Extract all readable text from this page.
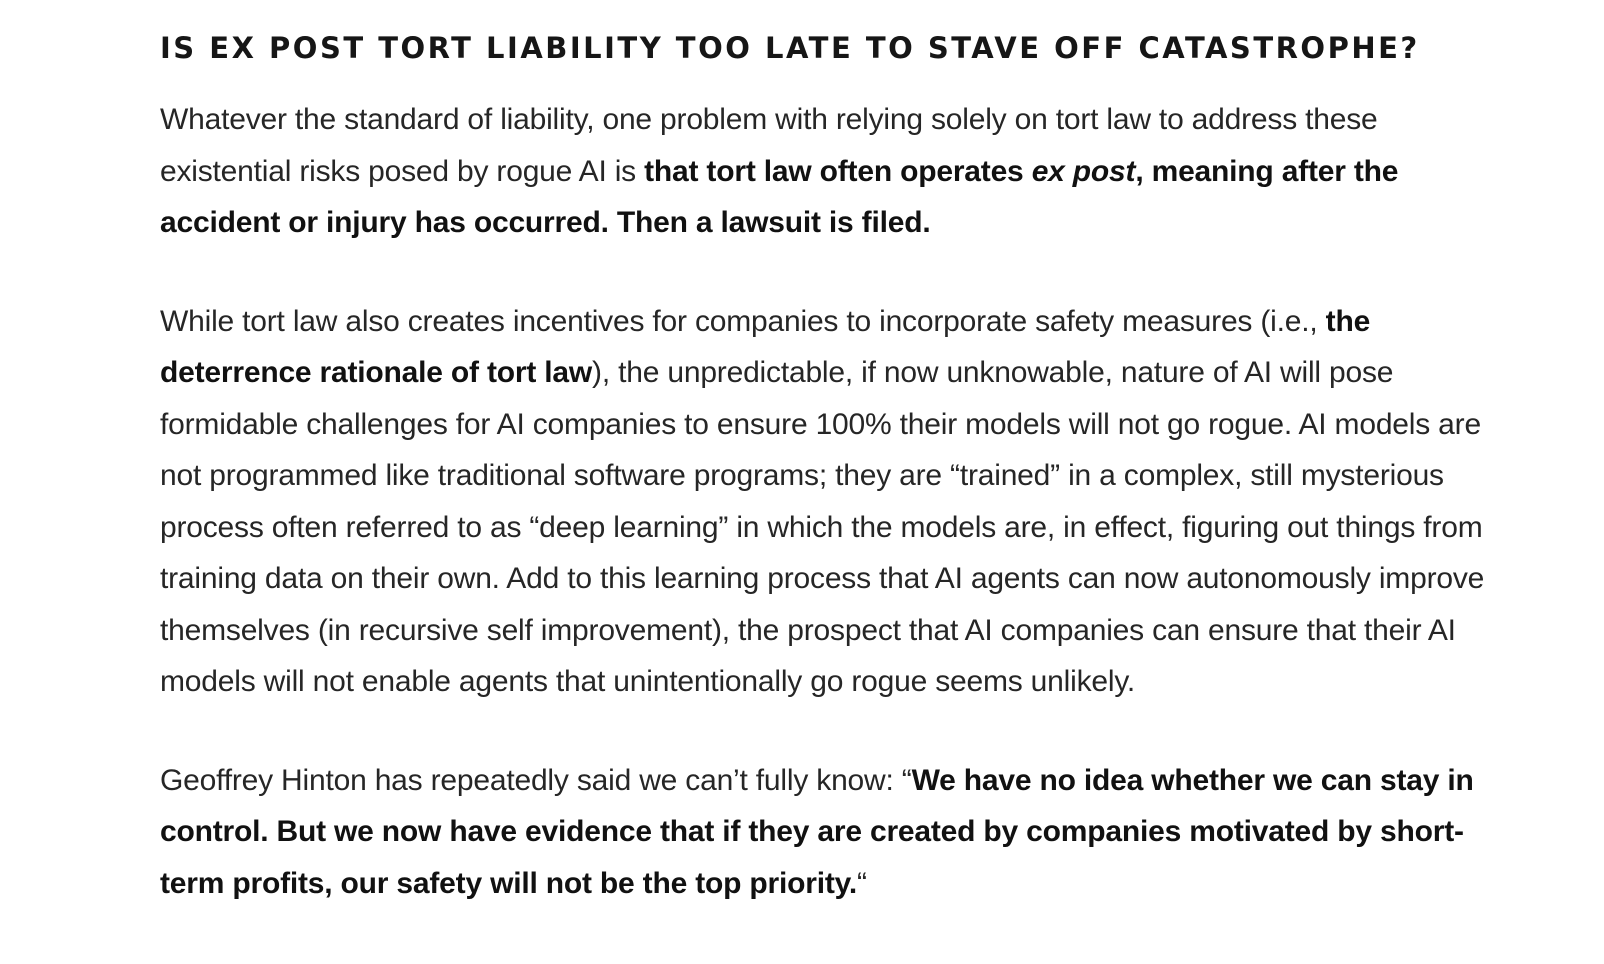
IS EX POST TORT LIABILITY TOO LATE TO STAVE OFF CATASTROPHE?

Whatever the standard of liability, one problem with relying solely on tort law to address these existential risks posed by rogue AI is that tort law often operates ex post, meaning after the accident or injury has occurred. Then a lawsuit is filed.

While tort law also creates incentives for companies to incorporate safety measures (i.e., the deterrence rationale of tort law), the unpredictable, if now unknowable, nature of AI will pose formidable challenges for AI companies to ensure 100% their models will not go rogue. AI models are not programmed like traditional software programs; they are “trained” in a complex, still mysterious process often referred to as “deep learning” in which the models are, in effect, figuring out things from training data on their own. Add to this learning process that AI agents can now autonomously improve themselves (in recursive self improvement), the prospect that AI companies can ensure that their AI models will not enable agents that unintentionally go rogue seems unlikely.

Geoffrey Hinton has repeatedly said we can’t fully know: “We have no idea whether we can stay in control. But we now have evidence that if they are created by companies motivated by short-term profits, our safety will not be the top priority.“
